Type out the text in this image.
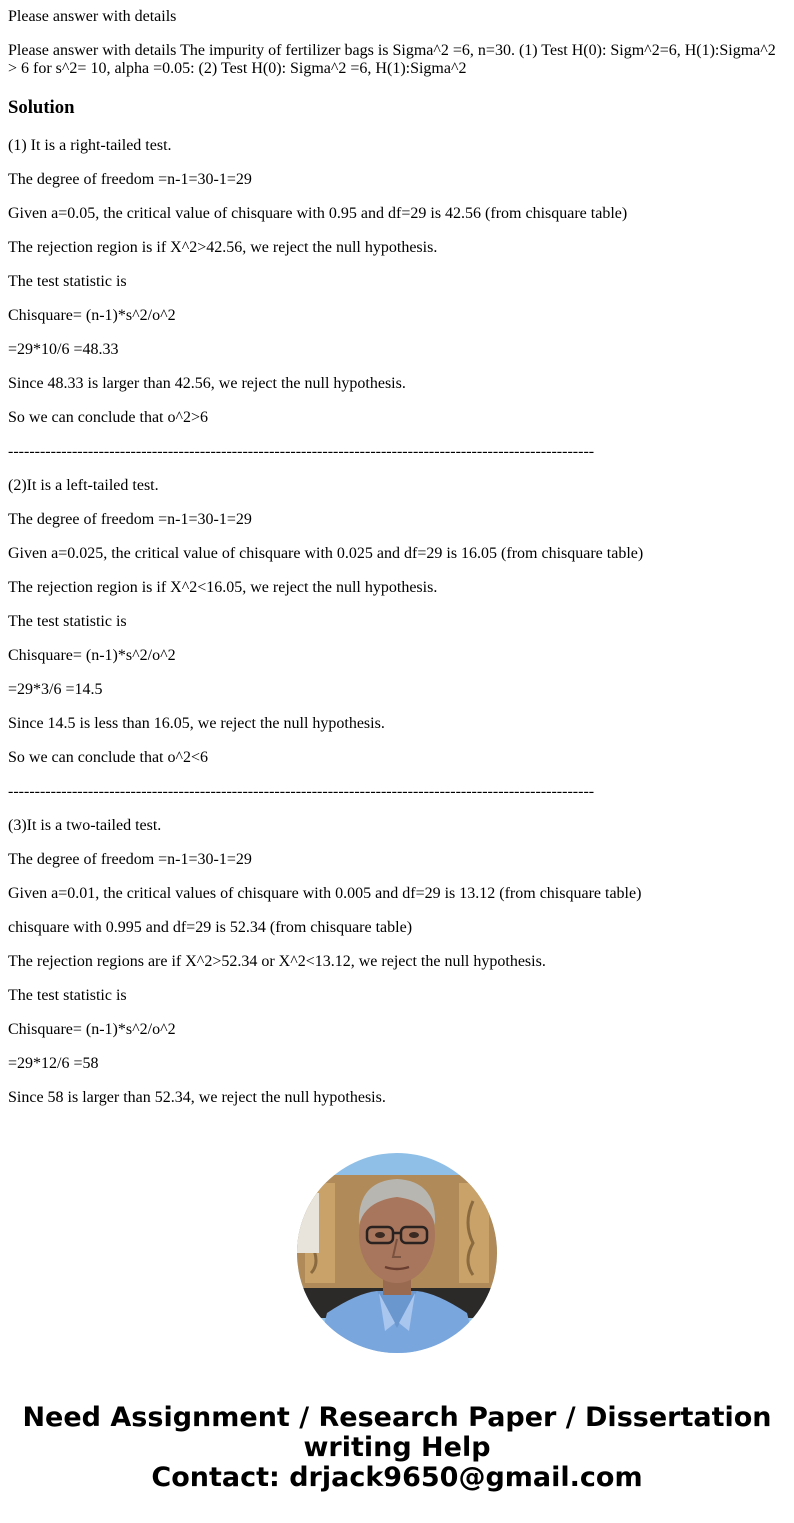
Please answer with details

Please answer with details The impurity of fertilizer bags is Sigma^2 =6, n=30. (1) Test H(0): Sigm^2=6, H(1):Sigma^2 > 6 for s^2= 10, alpha =0.05: (2) Test H(0): Sigma^2 =6, H(1):Sigma^2

Solution

(1) It is a right-tailed test.

The degree of freedom =n-1=30-1=29

Given a=0.05, the critical value of chisquare with 0.95 and df=29 is 42.56 (from chisquare table)

The rejection region is if X^2>42.56, we reject the null hypothesis.

The test statistic is

Chisquare= (n-1)*s^2/o^2

=29*10/6 =48.33

Since 48.33 is larger than 42.56, we reject the null hypothesis.

So we can conclude that o^2>6

--------------------------------------------------------------------------------------------------------------

(2)It is a left-tailed test.

The degree of freedom =n-1=30-1=29

Given a=0.025, the critical value of chisquare with 0.025 and df=29 is 16.05 (from chisquare table)

The rejection region is if X^2<16.05, we reject the null hypothesis.

The test statistic is

Chisquare= (n-1)*s^2/o^2

=29*3/6 =14.5

Since 14.5 is less than 16.05, we reject the null hypothesis.

So we can conclude that o^2<6

--------------------------------------------------------------------------------------------------------------

(3)It is a two-tailed test.

The degree of freedom =n-1=30-1=29

Given a=0.01, the critical values of chisquare with 0.005 and df=29 is 13.12 (from chisquare table)

chisquare with 0.995 and df=29 is 52.34 (from chisquare table)

The rejection regions are if X^2>52.34 or X^2<13.12, we reject the null hypothesis.

The test statistic is

Chisquare= (n-1)*s^2/o^2

=29*12/6 =58

Since 58 is larger than 52.34, we reject the null hypothesis.

Need Assignment / Research Paper / Dissertation
writing Help
Contact: drjack9650@gmail.com
